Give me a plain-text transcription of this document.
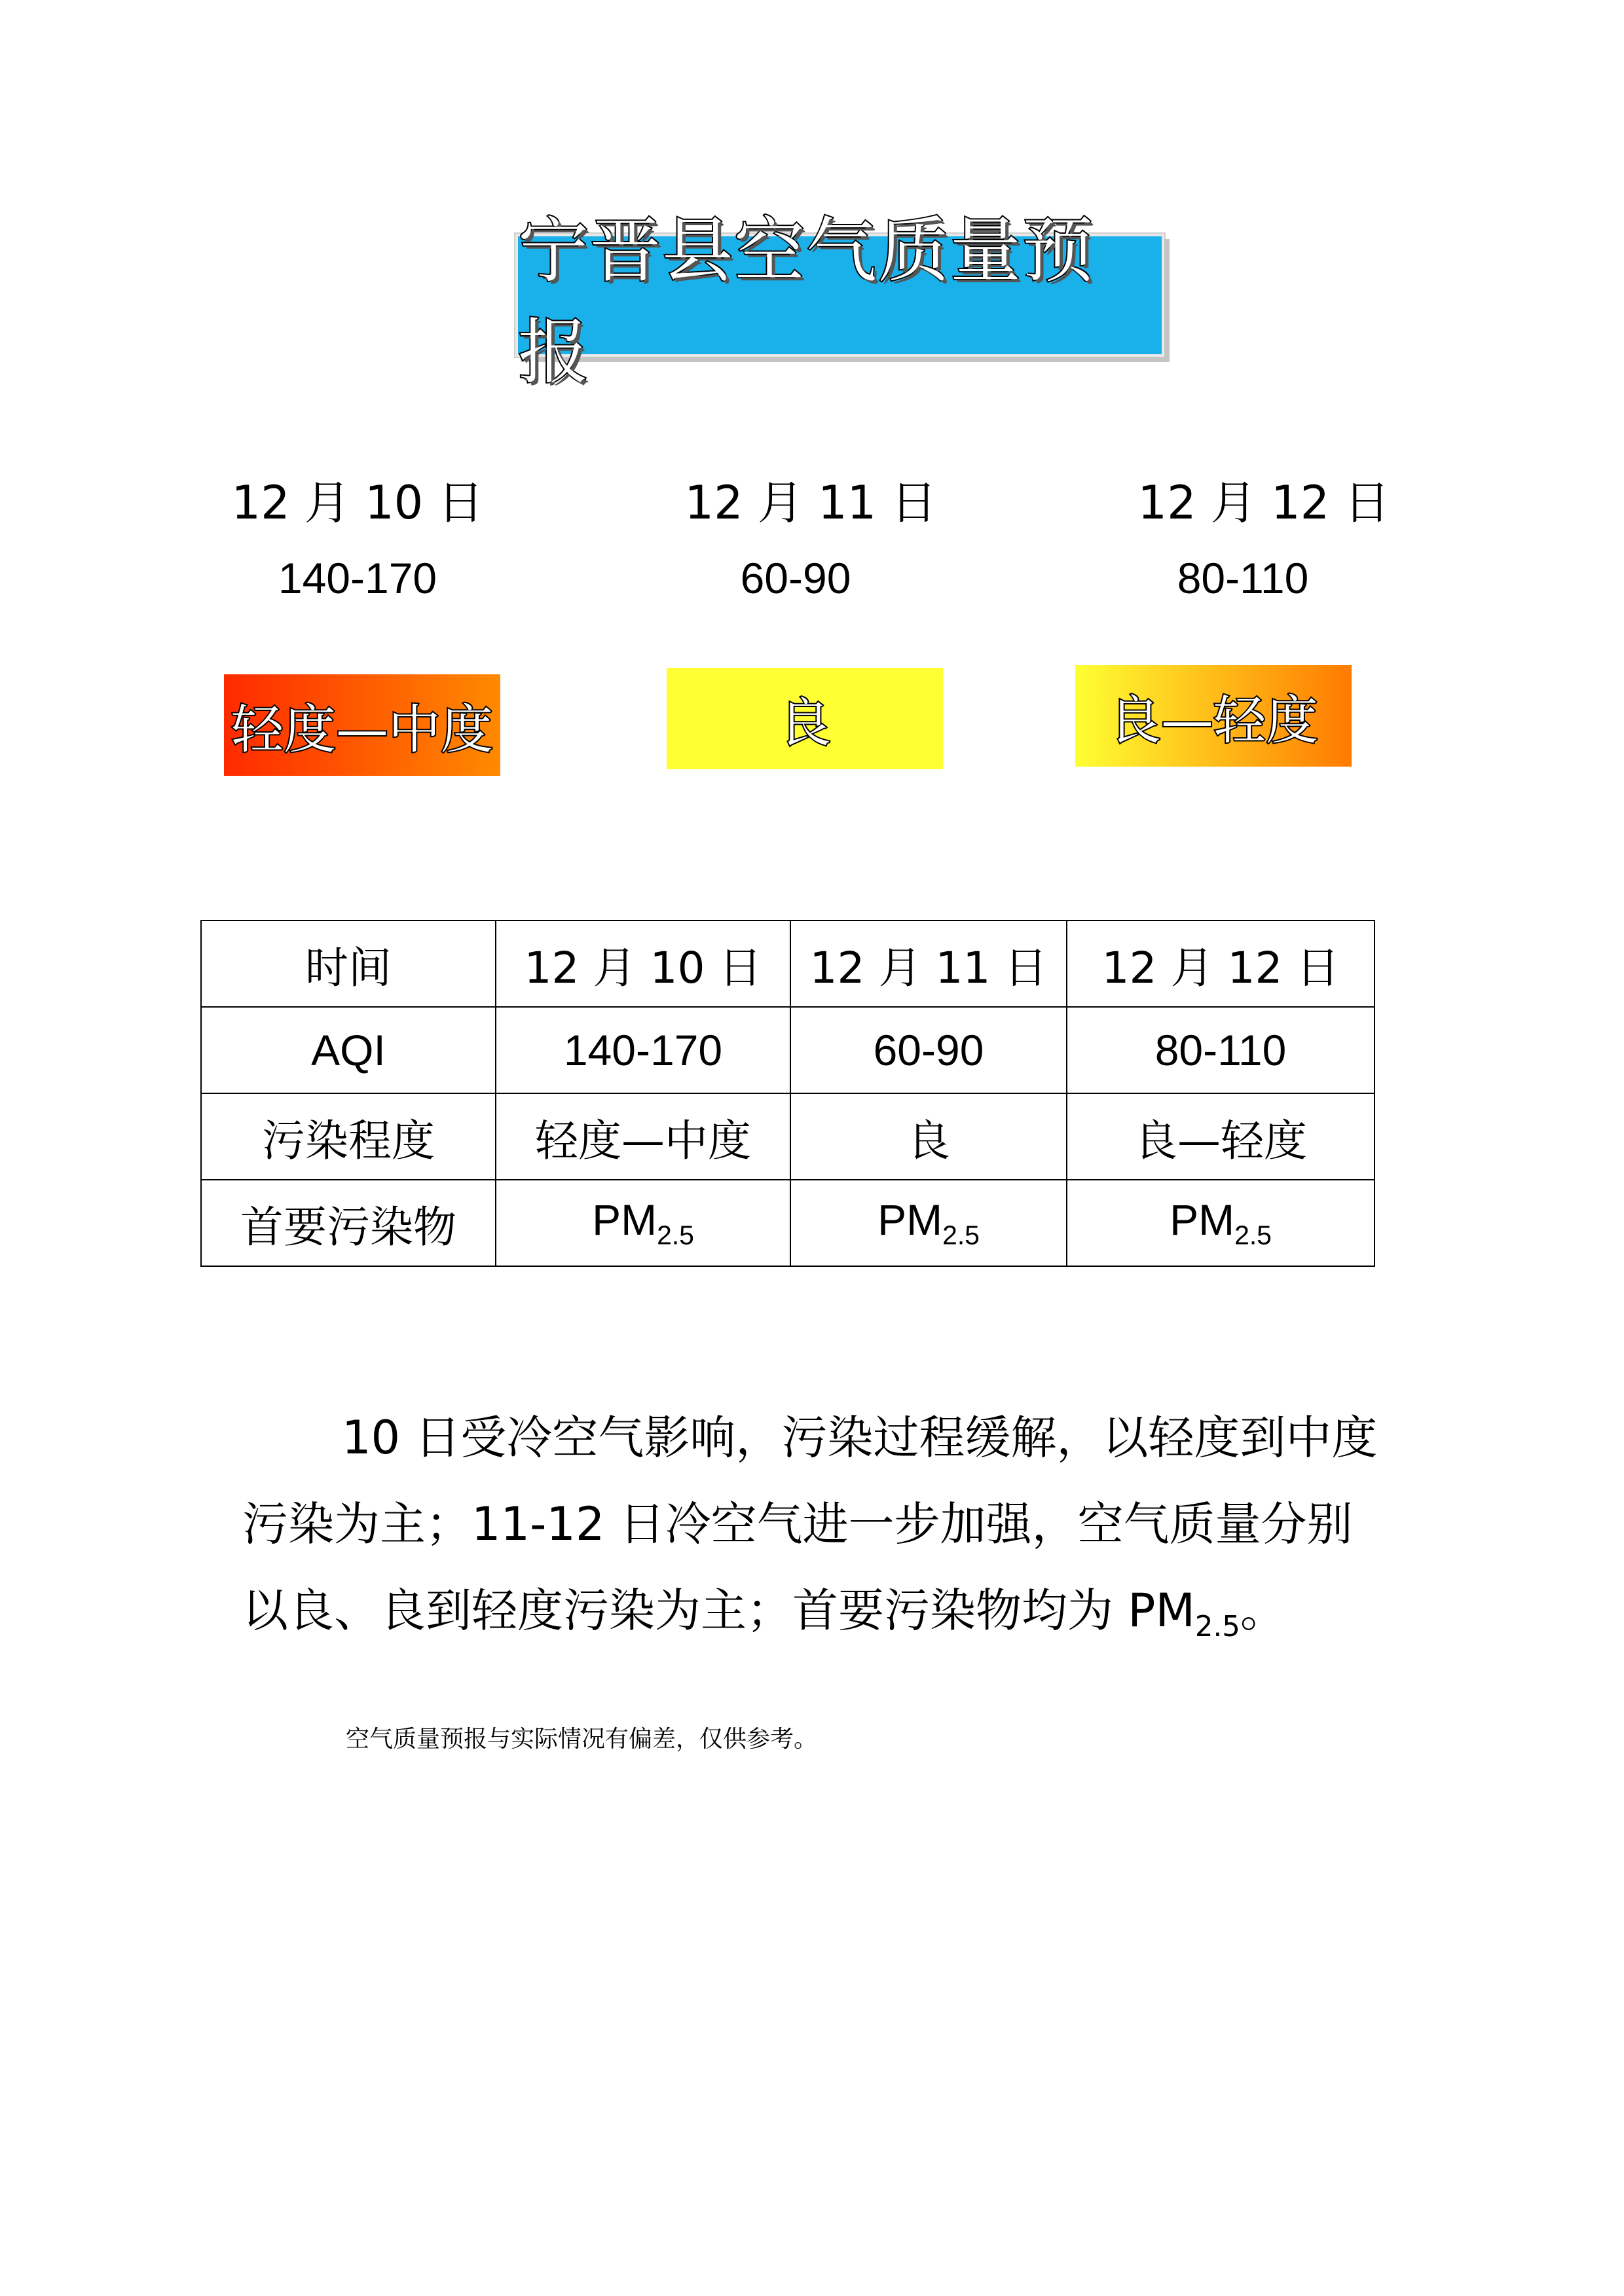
宁晋县空气质量预报
12 月 10 日	12 月 11 日	12 月 12 日
140-170	60-90	80-110
轻度—中度	良	良—轻度
时间	12 月 10 日	12 月 11 日	12 月 12 日
AQI	140-170	60-90	80-110
污染程度	轻度—中度	良	良—轻度
首要污染物	$PM_{2.5}$	$PM_{2.5}$	$PM_{2.5}$

10 日受冷空气影响，污染过程缓解，以轻度到中度污染为主；11-12 日冷空气进一步加强，空气质量分别以良、良到轻度污染为主；首要污染物均为 $PM_{2.5}$。

空气质量预报与实际情况有偏差，仅供参考。
